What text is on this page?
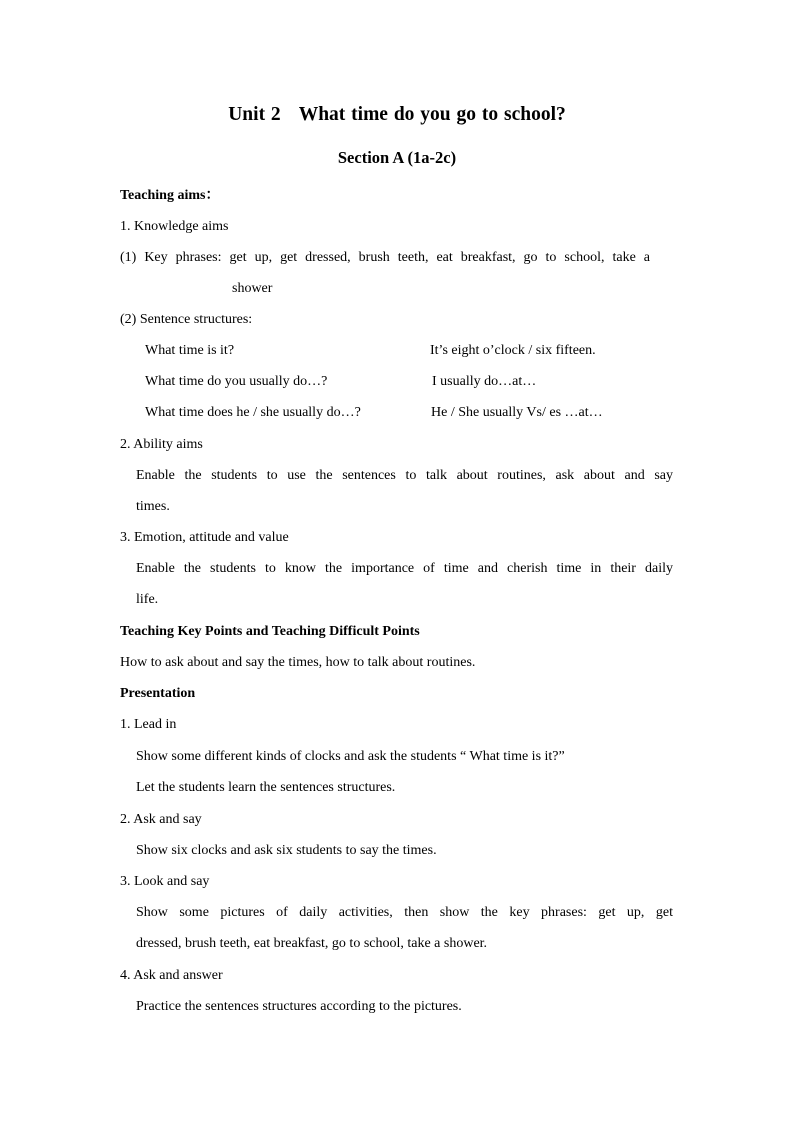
Unit 2 What time do you go to school?
Section A (1a-2c)
Teaching aims：
1. Knowledge aims
(1) Key phrases: get up, get dressed, brush teeth, eat breakfast, go to school, take a
shower
(2) Sentence structures:
What time is it?	It’s eight o’clock / six fifteen.
What time do you usually do…?	I usually do…at…
What time does he / she usually do…?	He / She usually Vs/ es …at…
2. Ability aims
Enable the students to use the sentences to talk about routines, ask about and say
times.
3. Emotion, attitude and value
Enable the students to know the importance of time and cherish time in their daily
life.
Teaching Key Points and Teaching Difficult Points
How to ask about and say the times, how to talk about routines.
Presentation
1. Lead in
Show some different kinds of clocks and ask the students “ What time is it?”
Let the students learn the sentences structures.
2. Ask and say
Show six clocks and ask six students to say the times.
3. Look and say
Show some pictures of daily activities, then show the key phrases: get up, get
dressed, brush teeth, eat breakfast, go to school, take a shower.
4. Ask and answer
Practice the sentences structures according to the pictures.
